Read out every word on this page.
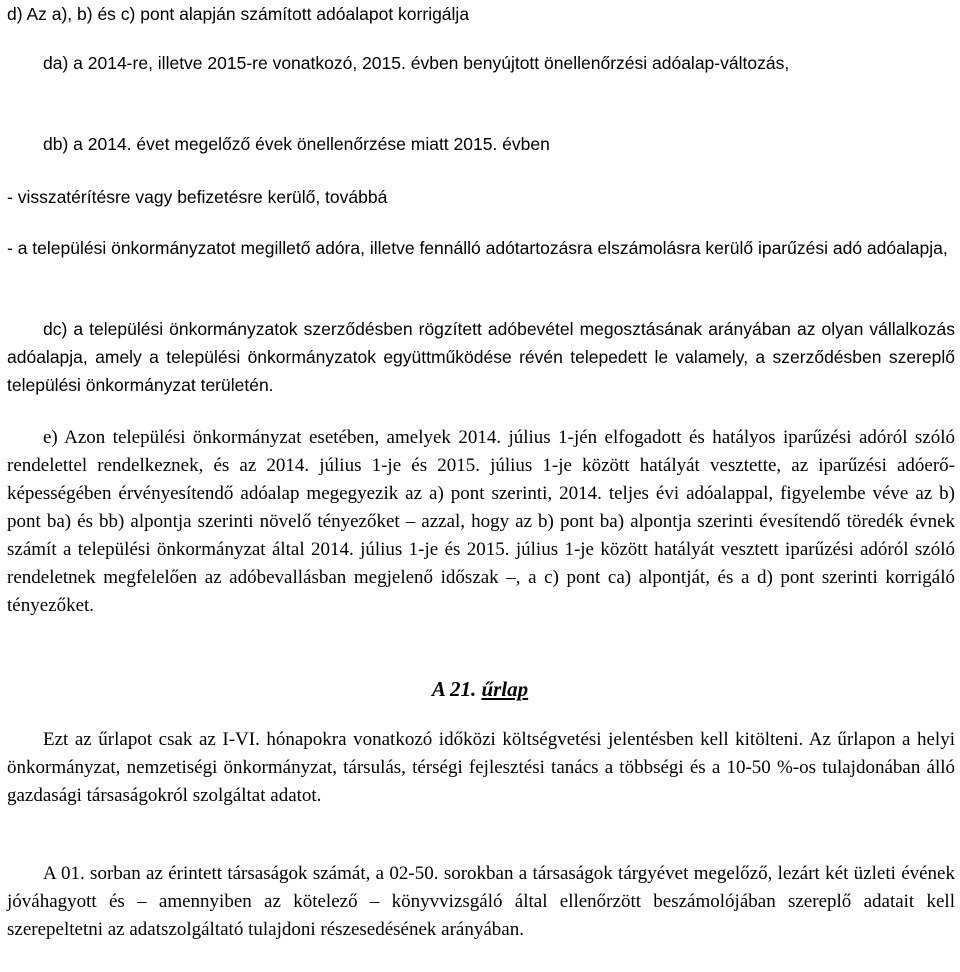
d) Az a), b) és c) pont alapján számított adóalapot korrigálja

da) a 2014-re, illetve 2015-re vonatkozó, 2015. évben benyújtott önellenőrzési adóalap-változás,

db) a 2014. évet megelőző évek önellenőrzése miatt 2015. évben

- visszatérítésre vagy befizetésre kerülő, továbbá

- a települési önkormányzatot megillető adóra, illetve fennálló adótartozásra elszámolásra kerülő iparűzési adó adóalapja,

dc) a települési önkormányzatok szerződésben rögzített adóbevétel megosztásának arányában az olyan vállalkozás adóalapja, amely a települési önkormányzatok együttműködése révén telepedett le valamely, a szerződésben szereplő települési önkormányzat területén.

e) Azon települési önkormányzat esetében, amelyek 2014. július 1-jén elfogadott és hatályos iparűzési adóról szóló rendelettel rendelkeznek, és az 2014. július 1-je és 2015. július 1-je között hatályát vesztette, az iparűzési adóerő-képességében érvényesítendő adóalap megegyezik az a) pont szerinti, 2014. teljes évi adóalappal, figyelembe véve az b) pont ba) és bb) alpontja szerinti növelő tényezőket – azzal, hogy az b) pont ba) alpontja szerinti évesítendő töredék évnek számít a települési önkormányzat által 2014. július 1-je és 2015. július 1-je között hatályát vesztett iparűzési adóról szóló rendeletnek megfelelően az adóbevallásban megjelenő időszak –, a c) pont ca) alpontját, és a d) pont szerinti korrigáló tényezőket.

A 21. űrlap

Ezt az űrlapot csak az I-VI. hónapokra vonatkozó időközi költségvetési jelentésben kell kitölteni. Az űrlapon a helyi önkormányzat, nemzetiségi önkormányzat, társulás, térségi fejlesztési tanács a többségi és a 10-50 %-os tulajdonában álló gazdasági társaságokról szolgáltat adatot.

A 01. sorban az érintett társaságok számát, a 02-50. sorokban a társaságok tárgyévet megelőző, lezárt két üzleti évének jóváhagyott és – amennyiben az kötelező – könyvvizsgáló által ellenőrzött beszámolójában szereplő adatait kell szerepeltetni az adatszolgáltató tulajdoni részesedésének arányában.
